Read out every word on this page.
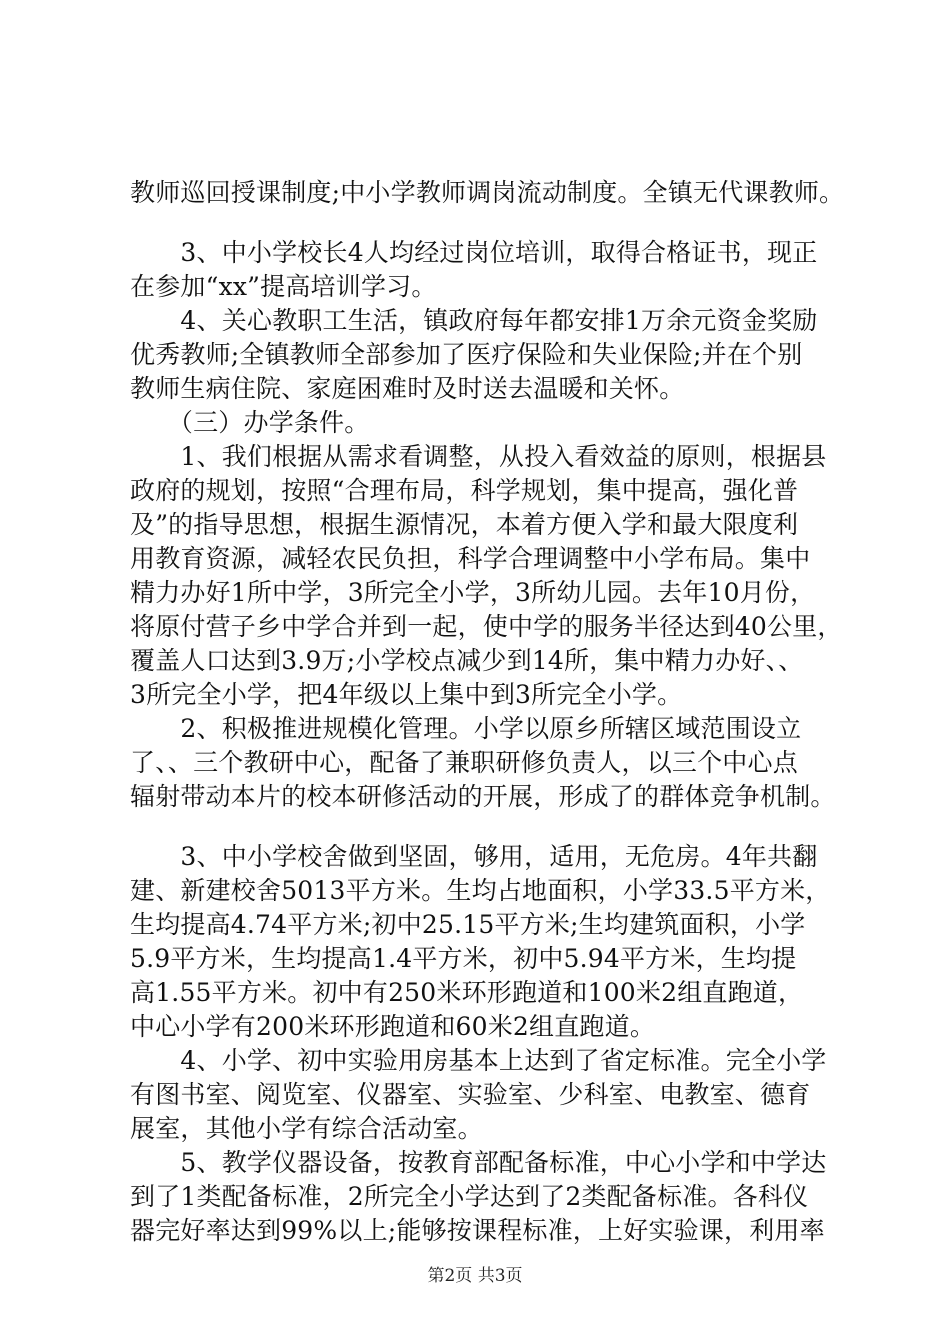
教师巡回授课制度;中小学教师调岗流动制度。全镇无代课教师。
　　3、中小学校长4人均经过岗位培训，取得合格证书，现正
在参加“xx”提高培训学习。
　　4、关心教职工生活，镇政府每年都安排1万余元资金奖励
优秀教师;全镇教师全部参加了医疗保险和失业保险;并在个别
教师生病住院、家庭困难时及时送去温暖和关怀。
　　（三）办学条件。
　　1、我们根据从需求看调整，从投入看效益的原则，根据县
政府的规划，按照“合理布局，科学规划，集中提高，强化普
及”的指导思想，根据生源情况，本着方便入学和最大限度利
用教育资源，减轻农民负担，科学合理调整中小学布局。集中
精力办好1所中学，3所完全小学，3所幼儿园。去年10月份，
将原付营子乡中学合并到一起，使中学的服务半径达到40公里，
覆盖人口达到3.9万;小学校点减少到14所，集中精力办好、、
3所完全小学，把4年级以上集中到3所完全小学。
　　2、积极推进规模化管理。小学以原乡所辖区域范围设立
了、、三个教研中心，配备了兼职研修负责人，以三个中心点
辐射带动本片的校本研修活动的开展，形成了的群体竞争机制。
　　3、中小学校舍做到坚固，够用，适用，无危房。4年共翻
建、新建校舍5013平方米。生均占地面积，小学33.5平方米，
生均提高4.74平方米;初中25.15平方米;生均建筑面积，小学
5.9平方米，生均提高1.4平方米，初中5.94平方米，生均提
高1.55平方米。初中有250米环形跑道和100米2组直跑道，
中心小学有200米环形跑道和60米2组直跑道。
　　4、小学、初中实验用房基本上达到了省定标准。完全小学
有图书室、阅览室、仪器室、实验室、少科室、电教室、德育
展室，其他小学有综合活动室。
　　5、教学仪器设备，按教育部配备标准，中心小学和中学达
到了1类配备标准，2所完全小学达到了2类配备标准。各科仪
器完好率达到99%以上;能够按课程标准，上好实验课，利用率
第2页 共3页
